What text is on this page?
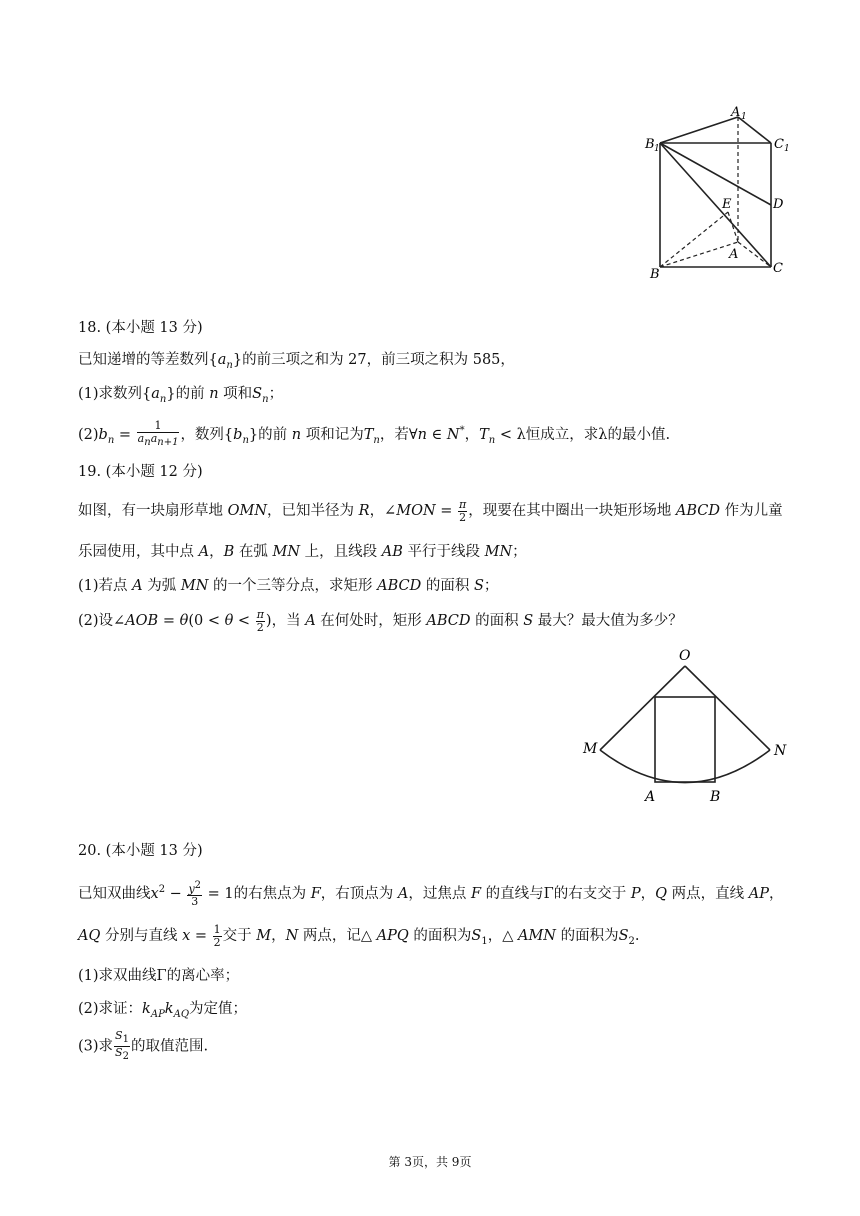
A 1
B 1	C 1
D
E
A
B	C
18. (本小题 13 分)
已知递增的等差数列$\{a_n\}$的前三项之和为 27，前三项之积为 585，
(1)求数列$\{a_n\}$的前 n 项和$S_n$；
$(2)b_n = \frac{1}{a_na_{n+1}}$ ，数列$\{b_n\}$的前 n 项和记为$T_n$，若∀n ∈ N*，$T_n < \lambda$恒成立，求λ的最小值.
19. (本小题 12 分)
如图，有一块扇形草地 OMN，已知半径为 R，∠MON = $\frac{\pi}{2}$ ，现要在其中圈出一块矩形场地 ABCD 作为儿童
乐园使用，其中点 A，B 在弧 MN 上，且线段 AB 平行于线段 MN；
(1)若点 A 为弧 MN 的一个三等分点，求矩形 ABCD 的面积 S；
(2)设∠AOB = $\theta(0 < \theta < \frac{\pi}{2}$ )，当 A 在何处时，矩形 ABCD 的面积 S 最大？最大值为多少？
O
M	N
A	B
20. (本小题 13 分)
已知双曲线$x^2 - \frac{y^2}{3} = 1$的右焦点为 F，右顶点为 A，过焦点 F 的直线与Γ的右支交于 P，Q 两点，直线 AP，
AQ 分别与直线 $x = \frac{1}{2}$ 交于 M，N 两点，记△ APQ 的面积为$S_1$，△ AMN 的面积为$S_2$.
(1)求双曲线Γ的离心率；
(2)求证：$k_{AP}k_{AQ}$为定值；
(3)求 $\frac{S_1}{S_2}$ 的取值范围.
第 3页，共 9页
